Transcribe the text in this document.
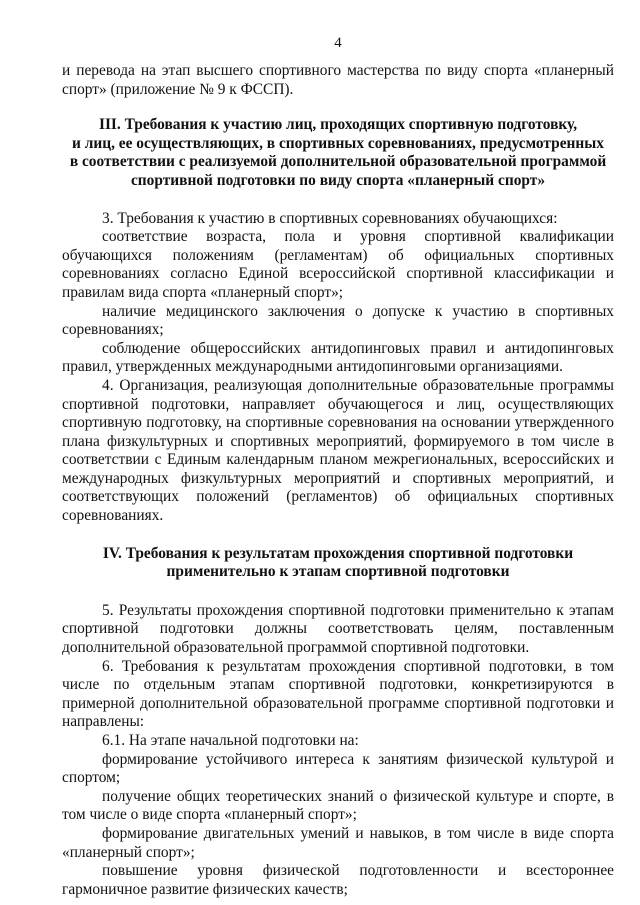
4

и перевода на этап высшего спортивного мастерства по виду спорта «планерный спорт» (приложение № 9 к ФССП).

III. Требования к участию лиц, проходящих спортивную подготовку,
и лиц, ее осуществляющих, в спортивных соревнованиях, предусмотренных
в соответствии с реализуемой дополнительной образовательной программой
спортивной подготовки по виду спорта «планерный спорт»

3. Требования к участию в спортивных соревнованиях обучающихся:

соответствие возраста, пола и уровня спортивной квалификации обучающихся положениям (регламентам) об официальных спортивных соревнованиях согласно Единой всероссийской спортивной классификации и правилам вида спорта «планерный спорт»;

наличие медицинского заключения о допуске к участию в спортивных соревнованиях;

соблюдение общероссийских антидопинговых правил и антидопинговых правил, утвержденных международными антидопинговыми организациями.

4. Организация, реализующая дополнительные образовательные программы спортивной подготовки, направляет обучающегося и лиц, осуществляющих спортивную подготовку, на спортивные соревнования на основании утвержденного плана физкультурных и спортивных мероприятий, формируемого в том числе в соответствии с Единым календарным планом межрегиональных, всероссийских и международных физкультурных мероприятий и спортивных мероприятий, и соответствующих положений (регламентов) об официальных спортивных соревнованиях.

IV. Требования к результатам прохождения спортивной подготовки
применительно к этапам спортивной подготовки

5. Результаты прохождения спортивной подготовки применительно к этапам спортивной подготовки должны соответствовать целям, поставленным дополнительной образовательной программой спортивной подготовки.

6. Требования к результатам прохождения спортивной подготовки, в том числе по отдельным этапам спортивной подготовки, конкретизируются в примерной дополнительной образовательной программе спортивной подготовки и направлены:

6.1. На этапе начальной подготовки на:

формирование устойчивого интереса к занятиям физической культурой и спортом;

получение общих теоретических знаний о физической культуре и спорте, в том числе о виде спорта «планерный спорт»;

формирование двигательных умений и навыков, в том числе в виде спорта «планерный спорт»;

повышение уровня физической подготовленности и всестороннее гармоничное развитие физических качеств;
